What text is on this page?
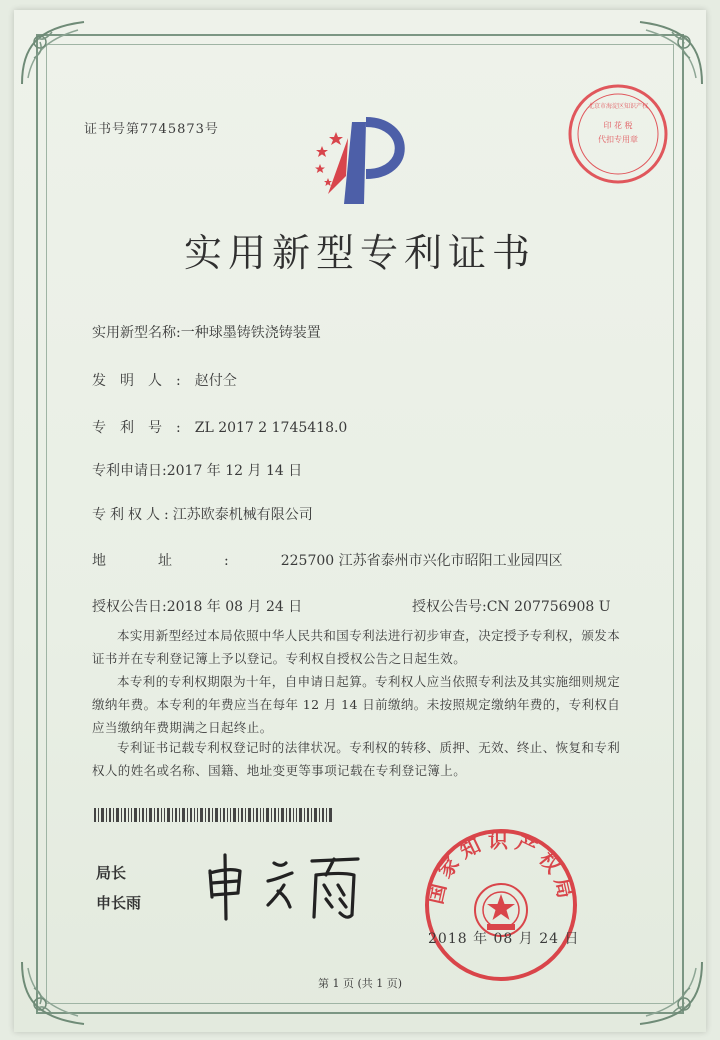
证书号第7745873号	印 花 税
代扣专用章
北京市海淀区知识产权
实用新型专利证书
实用新型名称:一种球墨铸铁浇铸装置
发明人:赵付仝
专利号:ZL 2017 2 1745418.0
专利申请日:2017 年 12 月 14 日
专利权人:江苏欧泰机械有限公司
地址:225700 江苏省泰州市兴化市昭阳工业园四区
授权公告日:2018 年 08 月 24 日	授权公告号:CN 207756908 U
本实用新型经过本局依照中华人民共和国专利法进行初步审查，决定授予专利权，颁发本证书并在专利登记簿上予以登记。专利权自授权公告之日起生效。
本专利的专利权期限为十年，自申请日起算。专利权人应当依照专利法及其实施细则规定缴纳年费。本专利的年费应当在每年 12 月 14 日前缴纳。未按照规定缴纳年费的，专利权自应当缴纳年费期满之日起终止。
专利证书记载专利权登记时的法律状况。专利权的转移、质押、无效、终止、恢复和专利权人的姓名或名称、国籍、地址变更等事项记载在专利登记簿上。
局长
申长雨	国家知识产权局
2018 年 08 月 24 日
第 1 页 (共 1 页)
